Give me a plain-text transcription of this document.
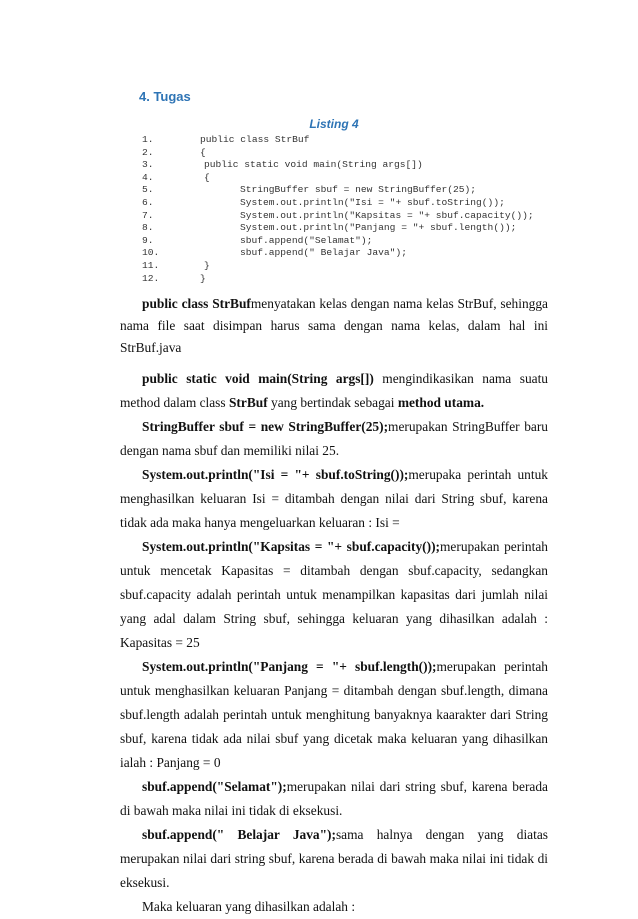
4. Tugas
Listing 4
1.	public class StrBuf
2.	{
3.	public static void main(String args[])
4.	{
5.	StringBuffer sbuf = new StringBuffer(25);
6.	System.out.println("Isi = "+ sbuf.toString());
7.	System.out.println("Kapsitas = "+ sbuf.capacity());
8.	System.out.println("Panjang = "+ sbuf.length());
9.	sbuf.append("Selamat");
10.	sbuf.append(" Belajar Java");
11.	}
12.	}

public class StrBufmenyatakan kelas dengan nama kelas StrBuf, sehingga nama file saat disimpan harus sama dengan nama kelas, dalam hal ini StrBuf.java

public static void main(String args[]) mengindikasikan nama suatu method dalam class StrBuf yang bertindak sebagai method utama.

StringBuffer sbuf = new StringBuffer(25);merupakan StringBuffer baru dengan nama sbuf dan memiliki nilai 25.

System.out.println("Isi = "+ sbuf.toString());merupaka perintah untuk menghasilkan keluaran Isi = ditambah dengan nilai dari String sbuf, karena tidak ada maka hanya mengeluarkan keluaran : Isi =

System.out.println("Kapsitas = "+ sbuf.capacity());merupakan perintah untuk mencetak Kapasitas = ditambah dengan sbuf.capacity, sedangkan sbuf.capacity adalah perintah untuk menampilkan kapasitas dari jumlah nilai yang adal dalam String sbuf, sehingga keluaran yang dihasilkan adalah : Kapasitas = 25

System.out.println("Panjang = "+ sbuf.length());merupakan perintah untuk menghasilkan keluaran Panjang = ditambah dengan sbuf.length, dimana sbuf.length adalah perintah untuk menghitung banyaknya kaarakter dari String sbuf, karena tidak ada nilai sbuf yang dicetak maka keluaran yang dihasilkan ialah : Panjang = 0

sbuf.append("Selamat");merupakan nilai dari string sbuf, karena berada di bawah maka nilai ini tidak di eksekusi.

sbuf.append(" Belajar Java");sama halnya dengan yang diatas merupakan nilai dari string sbuf, karena berada di bawah maka nilai ini tidak di eksekusi.

Maka keluaran yang dihasilkan adalah :
